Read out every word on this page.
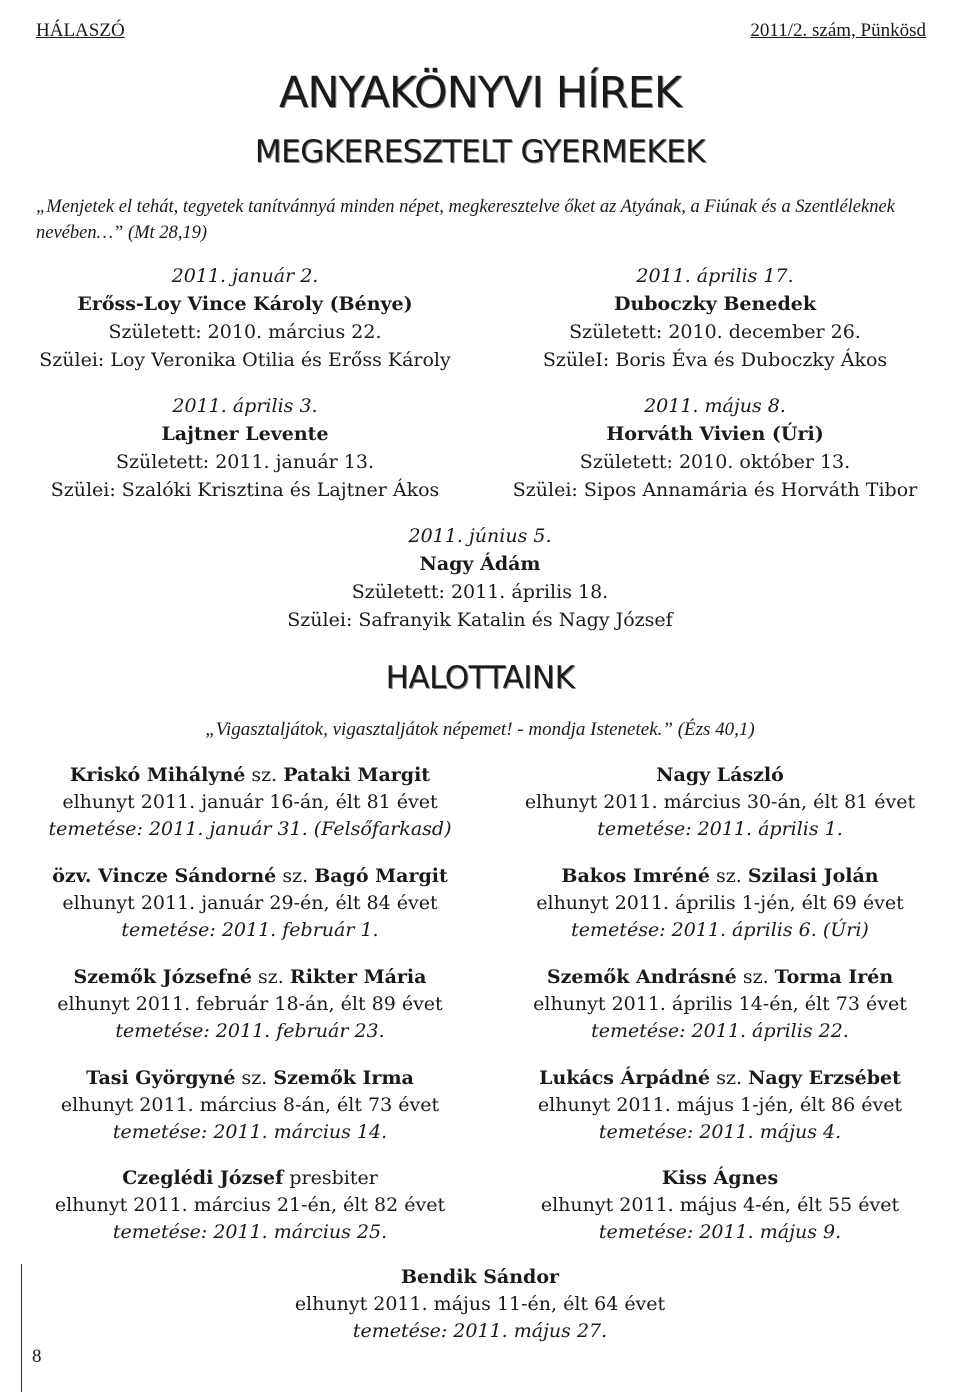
HÁLASZÓ	2011/2. szám, Pünkösd
ANYAKÖNYVI HÍREK
MEGKERESZTELT GYERMEKEK
„Menjetek el tehát, tegyetek tanítvánnyá minden népet, megkeresztelve őket az Atyának, a Fiúnak és a Szentléleknek nevében…” (Mt 28,19)
2011. január 2.
Erőss-Loy Vince Károly (Bénye)
Született: 2010. március 22.
Szülei: Loy Veronika Otilia és Erőss Károly
2011. április 17.
Duboczky Benedek
Született: 2010. december 26.
SzüleI: Boris Éva és Duboczky Ákos
2011. április 3.
Lajtner Levente
Született: 2011. január 13.
Szülei: Szalóki Krisztina és Lajtner Ákos
2011. május 8.
Horváth Vivien (Úri)
Született: 2010. október 13.
Szülei: Sipos Annamária és Horváth Tibor
2011. június 5.
Nagy Ádám
Született: 2011. április 18.
Szülei: Safranyik Katalin és Nagy József
HALOTTAINK
„Vigasztaljátok, vigasztaljátok népemet! - mondja Istenetek.” (Ézs 40,1)
Kriskó Mihályné sz. Pataki Margit
elhunyt 2011. január 16-án, élt 81 évet
temetése: 2011. január 31. (Felsőfarkasd)
Nagy László
elhunyt 2011. március 30-án, élt 81 évet
temetése: 2011. április 1.
özv. Vincze Sándorné sz. Bagó Margit
elhunyt 2011. január 29-én, élt 84 évet
temetése: 2011. február 1.
Bakos Imréné sz. Szilasi Jolán
elhunyt 2011. április 1-jén, élt 69 évet
temetése: 2011. április 6. (Úri)
Szemők Józsefné sz. Rikter Mária
elhunyt 2011. február 18-án, élt 89 évet
temetése: 2011. február 23.
Szemők Andrásné sz. Torma Irén
elhunyt 2011. április 14-én, élt 73 évet
temetése: 2011. április 22.
Tasi Györgyné sz. Szemők Irma
elhunyt 2011. március 8-án, élt 73 évet
temetése: 2011. március 14.
Lukács Árpádné sz. Nagy Erzsébet
elhunyt 2011. május 1-jén, élt 86 évet
temetése: 2011. május 4.
Czeglédi József presbiter
elhunyt 2011. március 21-én, élt 82 évet
temetése: 2011. március 25.
Kiss Ágnes
elhunyt 2011. május 4-én, élt 55 évet
temetése: 2011. május 9.
Bendik Sándor
elhunyt 2011. május 11-én, élt 64 évet
temetése: 2011. május 27.
8
